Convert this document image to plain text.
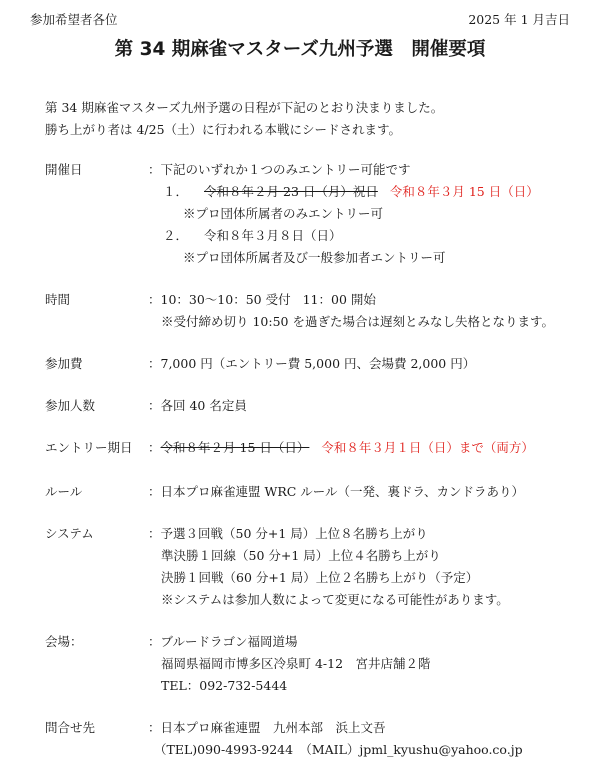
参加希望者各位	2025 年 1 月吉日
第 34 期麻雀マスターズ九州予選　開催要項
第 34 期麻雀マスターズ九州予選の日程が下記のとおり決まりました。
勝ち上がり者は 4/25（土）に行われる本戦にシードされます。
開催日	：下記のいずれか１つのみエントリー可能です
１． 令和８年２月 23 日（月）祝日 令和８年３月 15 日（日）
※プロ団体所属者のみエントリー可
２． 令和８年３月８日（日）
※プロ団体所属者及び一般参加者エントリー可
時間	：10：30～10：50 受付 11：00 開始
※受付締め切り 10:50 を過ぎた場合は遅刻とみなし失格となります。
参加費	：7,000 円（エントリー費 5,000 円、会場費 2,000 円）
参加人数	：各回 40 名定員
エントリー期日 ： 令和８年２月 15 日（日） 令和８年３月１日（日）まで（両方）
ルール	：日本プロ麻雀連盟 WRC ルール（一発、裏ドラ、カンドラあり）
システム	：予選３回戦（50 分+1 局）上位８名勝ち上がり
準決勝１回線（50 分+1 局）上位４名勝ち上がり
決勝１回戦（60 分+1 局）上位２名勝ち上がり（予定）
※システムは参加人数によって変更になる可能性があります。
会場：	：ブルードラゴン福岡道場
福岡県福岡市博多区冷泉町 4-12　宮井店舗２階
TEL：092-732-5444
問合せ先	：日本プロ麻雀連盟　九州本部　浜上文吾
（TEL)090-4993-9244　（MAIL）jpml_kyushu@yahoo.co.jp
